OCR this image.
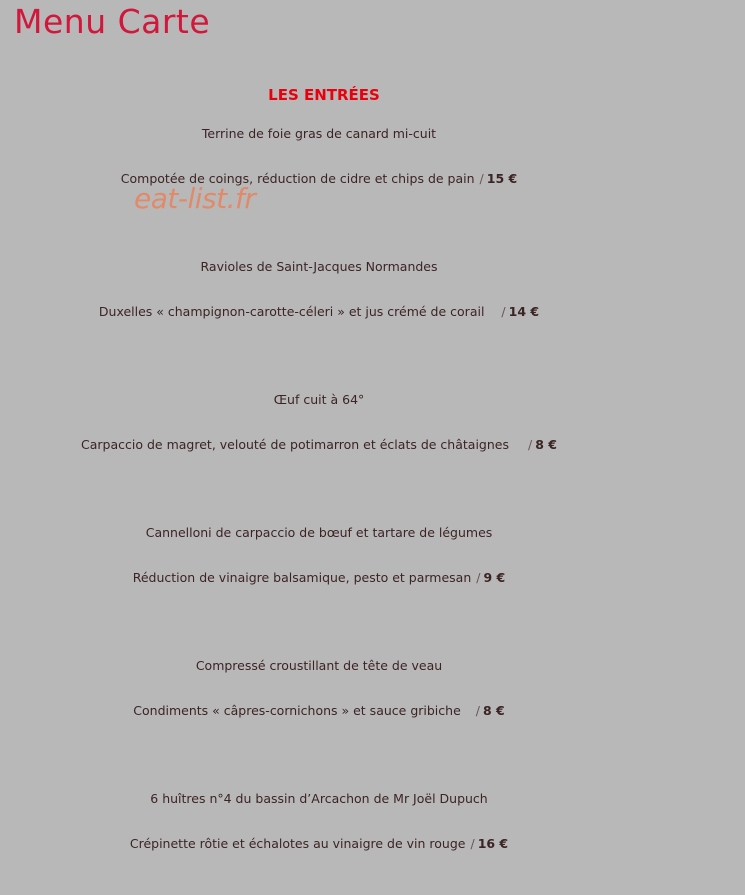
Menu Carte
LES ENTRÉES
Terrine de foie gras de canard mi-cuit
Compotée de coings, réduction de cidre et chips de pain / 15 €
eat-list.fr
Ravioles de Saint-Jacques Normandes
Duxelles « champignon-carotte-céleri » et jus crémé de corail / 14 €
Œuf cuit à 64°
Carpaccio de magret, velouté de potimarron et éclats de châtaignes / 8 €
Cannelloni de carpaccio de bœuf et tartare de légumes
Réduction de vinaigre balsamique, pesto et parmesan / 9 €
Compressé croustillant de tête de veau
Condiments « câpres-cornichons » et sauce gribiche / 8 €
6 huîtres n°4 du bassin d’Arcachon de Mr Joël Dupuch
Crépinette rôtie et échalotes au vinaigre de vin rouge / 16 €
